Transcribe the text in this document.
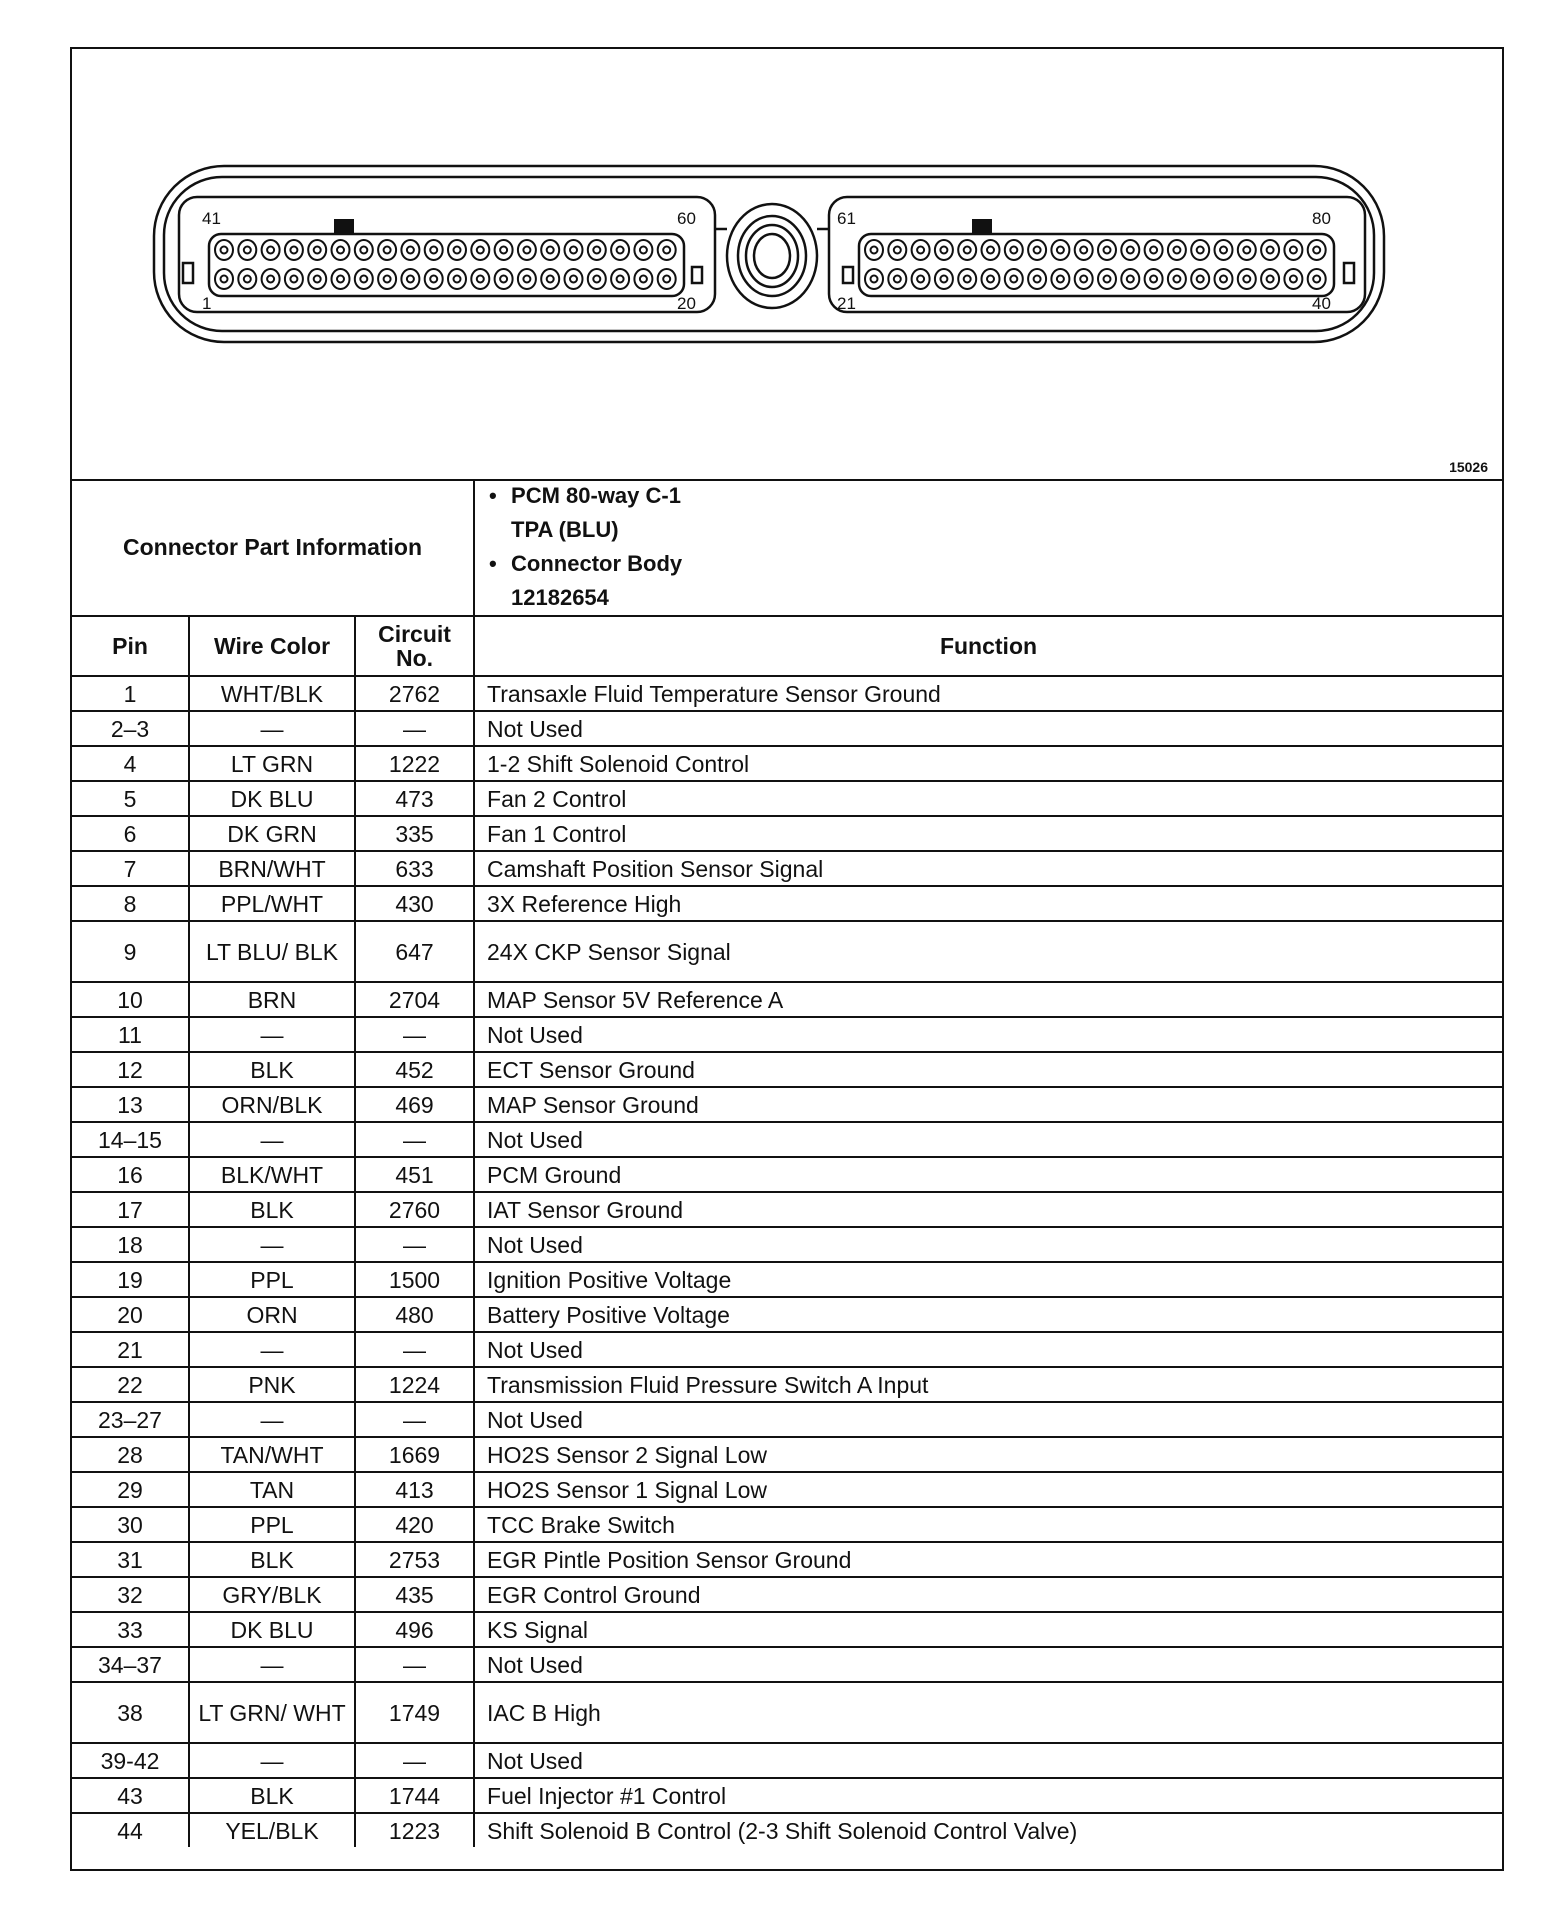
41	60
1	20
61	80
21	40
15026
Connector Part Information			• PCM 80-way C-1
TPA (BLU)
• Connector Body
12182654

Pin	Wire Color	Circuit No.	Function
1	WHT/BLK	2762	Transaxle Fluid Temperature Sensor Ground
2–3	—	—	Not Used
4	LT GRN	1222	1-2 Shift Solenoid Control
5	DK BLU	473	Fan 2 Control
6	DK GRN	335	Fan 1 Control
7	BRN/WHT	633	Camshaft Position Sensor Signal
8	PPL/WHT	430	3X Reference High
9	LT BLU/ BLK	647	24X CKP Sensor Signal
10	BRN	2704	MAP Sensor 5V Reference A
11	—	—	Not Used
12	BLK	452	ECT Sensor Ground
13	ORN/BLK	469	MAP Sensor Ground
14–15	—	—	Not Used
16	BLK/WHT	451	PCM Ground
17	BLK	2760	IAT Sensor Ground
18	—	—	Not Used
19	PPL	1500	Ignition Positive Voltage
20	ORN	480	Battery Positive Voltage
21	—	—	Not Used
22	PNK	1224	Transmission Fluid Pressure Switch A Input
23–27	—	—	Not Used
28	TAN/WHT	1669	HO2S Sensor 2 Signal Low
29	TAN	413	HO2S Sensor 1 Signal Low
30	PPL	420	TCC Brake Switch
31	BLK	2753	EGR Pintle Position Sensor Ground
32	GRY/BLK	435	EGR Control Ground
33	DK BLU	496	KS Signal
34–37	—	—	Not Used
38	LT GRN/ WHT	1749	IAC B High
39-42	—	—	Not Used
43	BLK	1744	Fuel Injector #1 Control
44	YEL/BLK	1223	Shift Solenoid B Control (2-3 Shift Solenoid Control Valve)
